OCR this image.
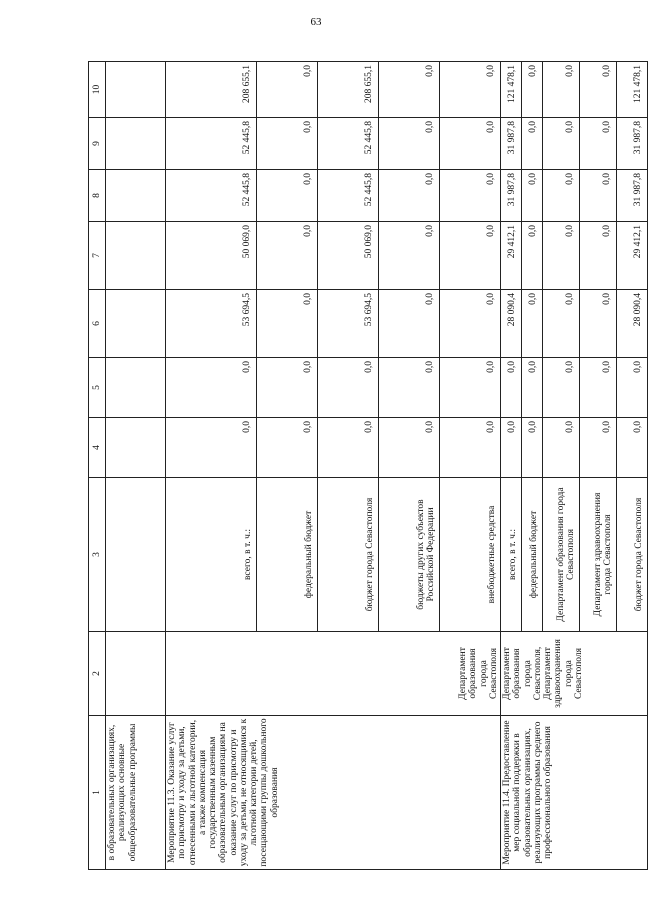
63
1	2	3	4	5	6	7	8	9	10
в образовательных организациях, реализующих основные общеобразовательные программы									
Мероприятие 11.3. Оказание услуг по присмотру и уходу за детьми, отнесенными к льготной категории, а также компенсация государственным казенным образовательным организациям на оказание услуг по присмотру и уходу за детьми, не относящимися к льготной категории детей, посещающими группы дошкольного образования	Департамент образования города Севастополя	всего, в т. ч.:	0,0	0,0	53 694,5	50 069,0	52 445,8	52 445,8	208 655,1
		федеральный бюджет	0,0	0,0	0,0	0,0	0,0	0,0	0,0
		бюджет города Севастополя	0,0	0,0	53 694,5	50 069,0	52 445,8	52 445,8	208 655,1
		бюджеты других субъектов Российской Федерации	0,0	0,0	0,0	0,0	0,0	0,0	0,0
		внебюджетные средства	0,0	0,0	0,0	0,0	0,0	0,0	0,0
Мероприятие 11.4. Предоставление мер социальной поддержки в образовательных организациях, реализующих программы среднего профессионального образования	Департамент образования города Севастополя, Департамент здравоохранения города Севастополя	всего, в т. ч.:	0,0	0,0	28 090,4	29 412,1	31 987,8	31 987,8	121 478,1
		федеральный бюджет	0,0	0,0	0,0	0,0	0,0	0,0	0,0
		Департамент образования города Севастополя	0,0	0,0	0,0	0,0	0,0	0,0	0,0
		Департамент здравоохранения города Севастополя	0,0	0,0	0,0	0,0	0,0	0,0	0,0
		бюджет города Севастополя	0,0	0,0	28 090,4	29 412,1	31 987,8	31 987,8	121 478,1
